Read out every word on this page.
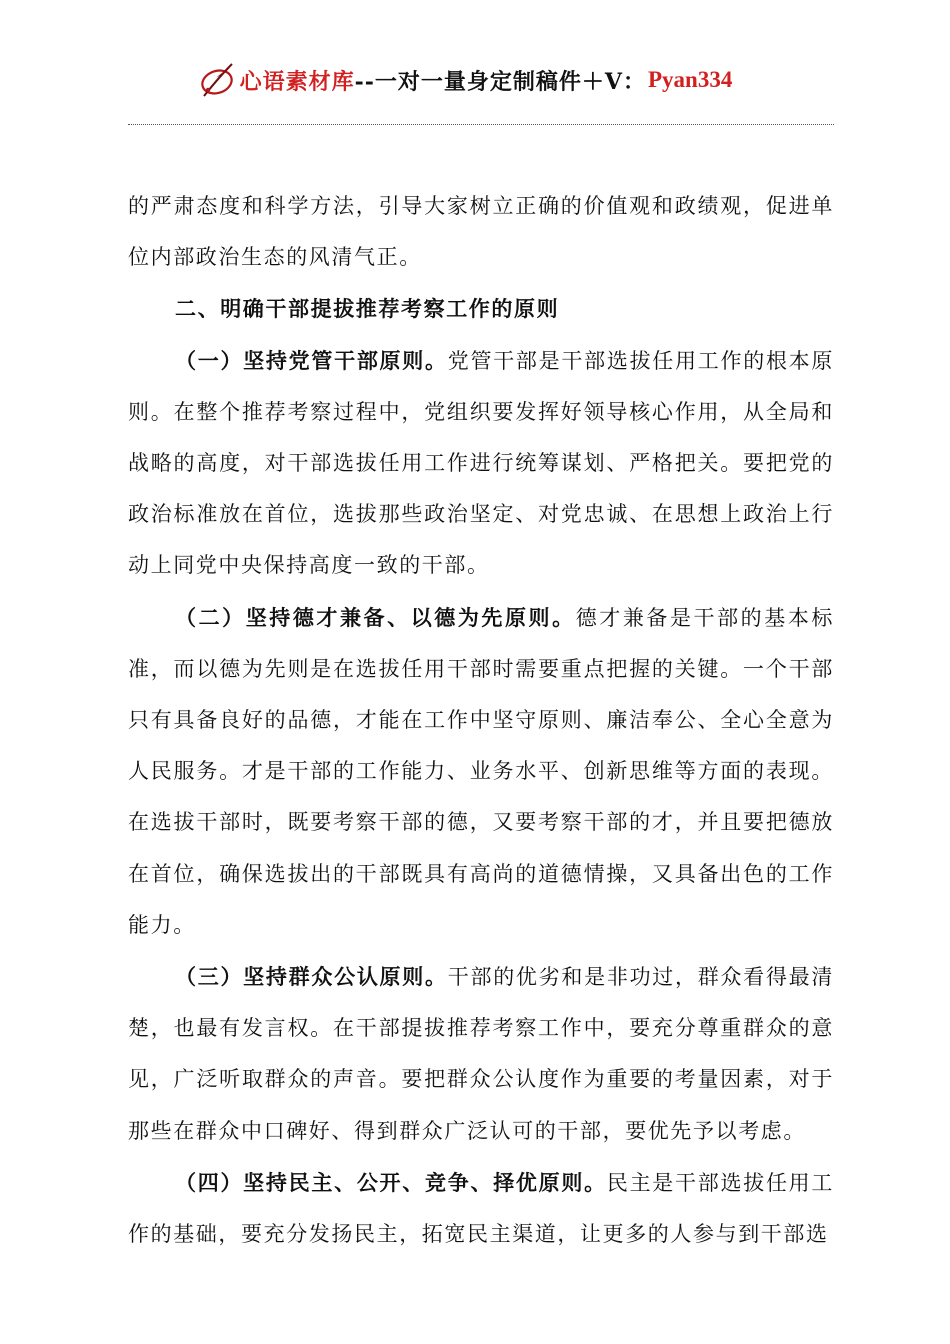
心语素材库 --一对一量身定制稿件＋V： Pyan334

的严肃态度和科学方法，引导大家树立正确的价值观和政绩观，促进单位内部政治生态的风清气正。

二、明确干部提拔推荐考察工作的原则

（一）坚持党管干部原则。党管干部是干部选拔任用工作的根本原则。在整个推荐考察过程中，党组织要发挥好领导核心作用，从全局和战略的高度，对干部选拔任用工作进行统筹谋划、严格把关。要把党的政治标准放在首位，选拔那些政治坚定、对党忠诚、在思想上政治上行动上同党中央保持高度一致的干部。

（二）坚持德才兼备、以德为先原则。德才兼备是干部的基本标准，而以德为先则是在选拔任用干部时需要重点把握的关键。一个干部只有具备良好的品德，才能在工作中坚守原则、廉洁奉公、全心全意为人民服务。才是干部的工作能力、业务水平、创新思维等方面的表现。在选拔干部时，既要考察干部的德，又要考察干部的才，并且要把德放在首位，确保选拔出的干部既具有高尚的道德情操，又具备出色的工作能力。

（三）坚持群众公认原则。干部的优劣和是非功过，群众看得最清楚，也最有发言权。在干部提拔推荐考察工作中，要充分尊重群众的意见，广泛听取群众的声音。要把群众公认度作为重要的考量因素，对于那些在群众中口碑好、得到群众广泛认可的干部，要优先予以考虑。

（四）坚持民主、公开、竞争、择优原则。民主是干部选拔任用工作的基础，要充分发扬民主，拓宽民主渠道，让更多的人参与到干部选
